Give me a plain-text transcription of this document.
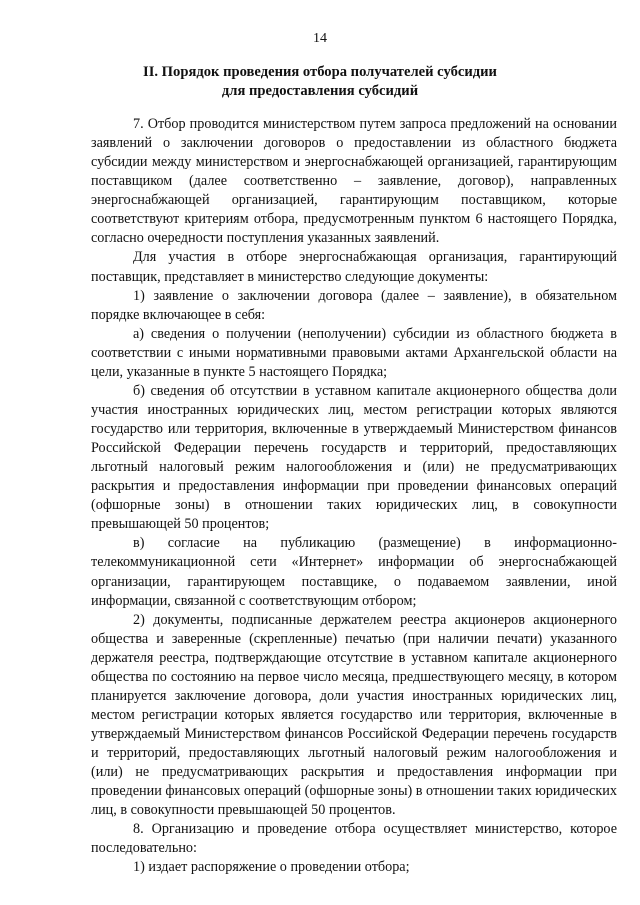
14
II. Порядок проведения отбора получателей субсидии
для предоставления субсидий

7. Отбор проводится министерством путем запроса предложений на основании заявлений о заключении договоров о предоставлении из областного бюджета субсидии между министерством и энергоснабжающей организацией, гарантирующим поставщиком (далее соответственно – заявление, договор), направленных энергоснабжающей организацией, гарантирующим поставщиком, которые соответствуют критериям отбора, предусмотренным пунктом 6 настоящего Порядка, согласно очередности поступления указанных заявлений.

Для участия в отборе энергоснабжающая организация, гарантирующий поставщик, представляет в министерство следующие документы:

1) заявление о заключении договора (далее – заявление), в обязательном порядке включающее в себя:

а) сведения о получении (неполучении) субсидии из областного бюджета в соответствии с иными нормативными правовыми актами Архангельской области на цели, указанные в пункте 5 настоящего Порядка;

б) сведения об отсутствии в уставном капитале акционерного общества доли участия иностранных юридических лиц, местом регистрации которых являются государство или территория, включенные в утверждаемый Министерством финансов Российской Федерации перечень государств и территорий, предоставляющих льготный налоговый режим налогообложения и (или) не предусматривающих раскрытия и предоставления информации при проведении финансовых операций (офшорные зоны) в отношении таких юридических лиц, в совокупности превышающей 50 процентов;

в) согласие на публикацию (размещение) в информационно-телекоммуникационной сети «Интернет» информации об энергоснабжающей организации, гарантирующем поставщике, о подаваемом заявлении, иной информации, связанной с соответствующим отбором;

2) документы, подписанные держателем реестра акционеров акционерного общества и заверенные (скрепленные) печатью (при наличии печати) указанного держателя реестра, подтверждающие отсутствие в уставном капитале акционерного общества по состоянию на первое число месяца, предшествующего месяцу, в котором планируется заключение договора, доли участия иностранных юридических лиц, местом регистрации которых является государство или территория, включенные в утверждаемый Министерством финансов Российской Федерации перечень государств и территорий, предоставляющих льготный налоговый режим налогообложения и (или) не предусматривающих раскрытия и предоставления информации при проведении финансовых операций (офшорные зоны) в отношении таких юридических лиц, в совокупности превышающей 50 процентов.

8. Организацию и проведение отбора осуществляет министерство, которое последовательно:

1) издает распоряжение о проведении отбора;
